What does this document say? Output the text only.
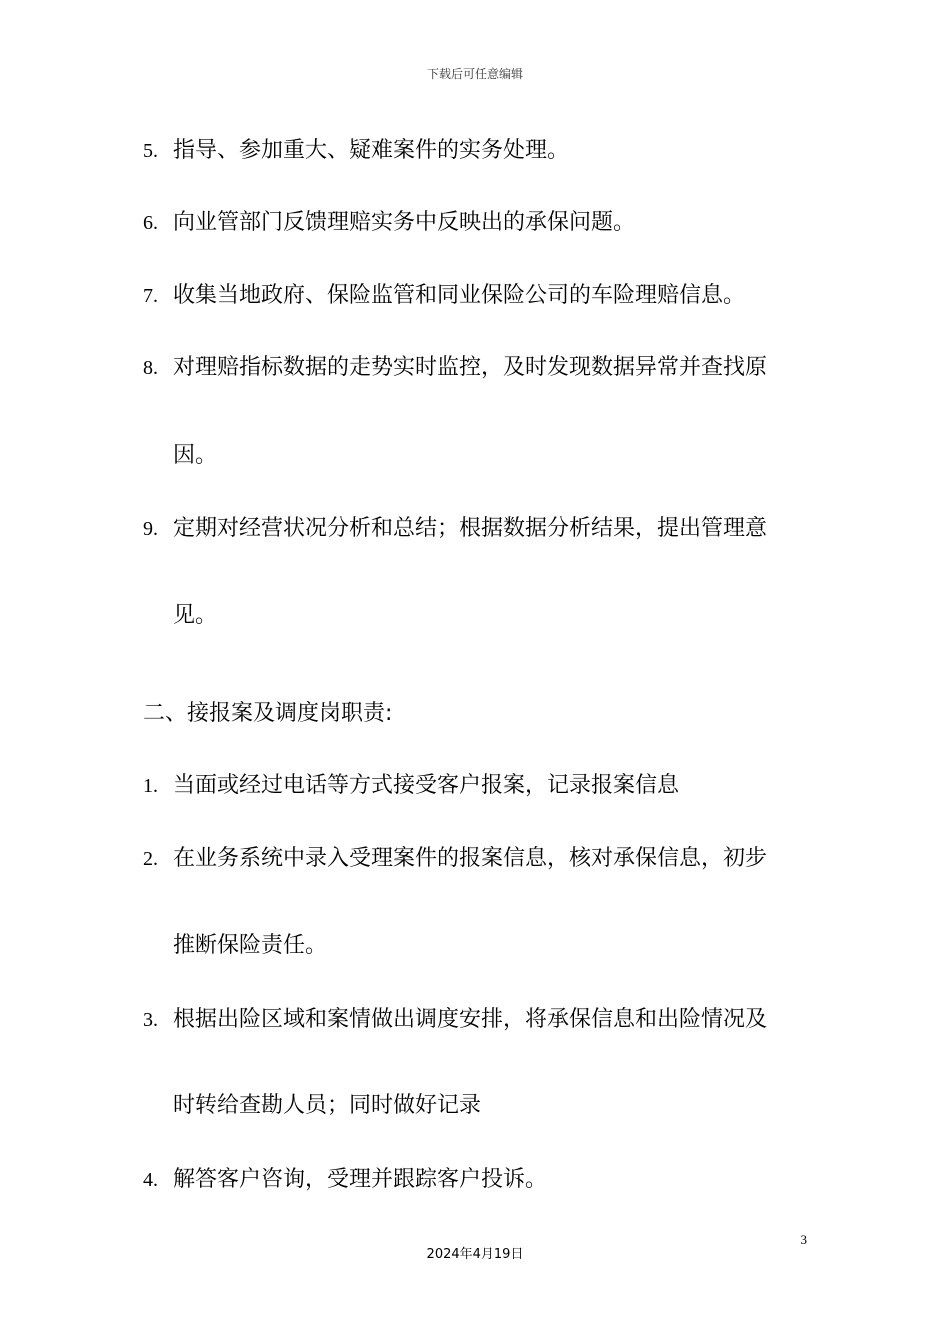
下载后可任意编辑
5. 指导、参加重大、疑难案件的实务处理。
6. 向业管部门反馈理赔实务中反映出的承保问题。
7. 收集当地政府、保险监管和同业保险公司的车险理赔信息。
8. 对理赔指标数据的走势实时监控，及时发现数据异常并查找原
因。
9. 定期对经营状况分析和总结；根据数据分析结果，提出管理意
见。
二、接报案及调度岗职责:
1. 当面或经过电话等方式接受客户报案，记录报案信息
2. 在业务系统中录入受理案件的报案信息，核对承保信息，初步
推断保险责任。
3. 根据出险区域和案情做出调度安排，将承保信息和出险情况及
时转给查勘人员；同时做好记录
4. 解答客户咨询，受理并跟踪客户投诉。
3
2024年4月19日
